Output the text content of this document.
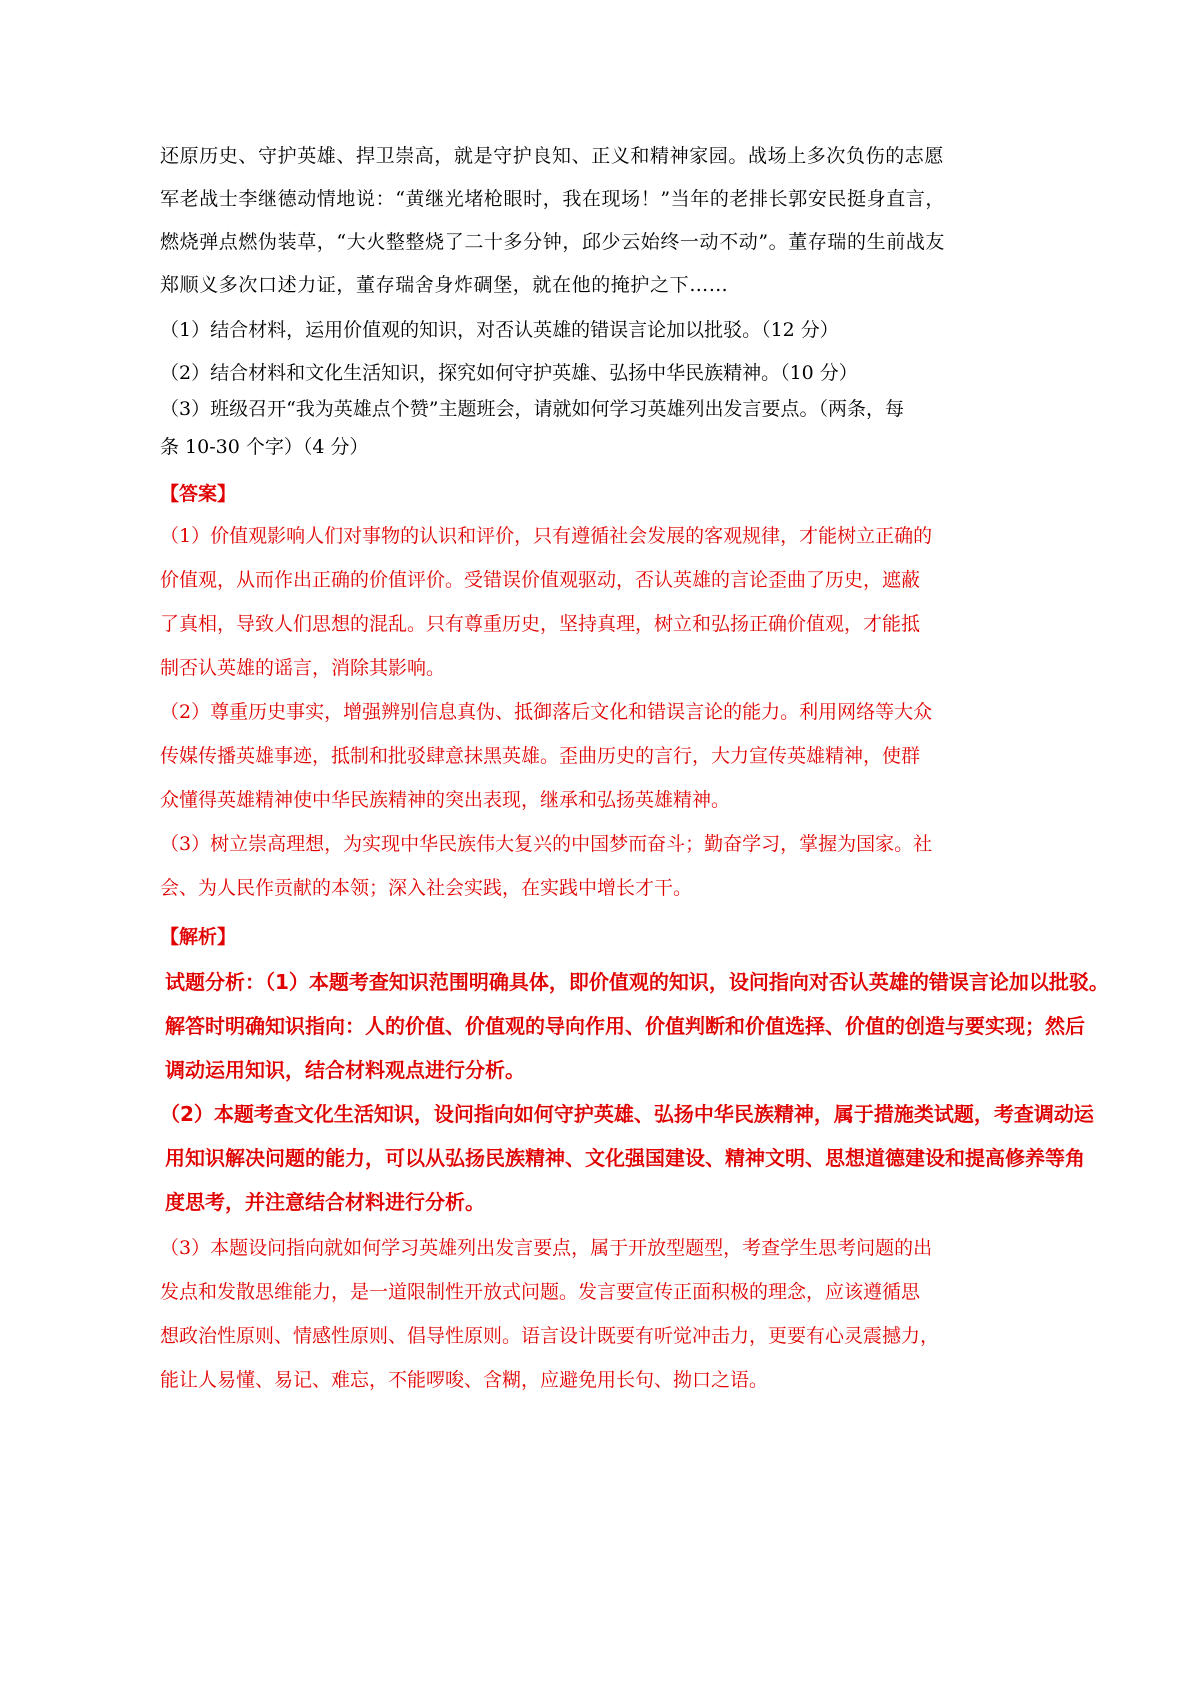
还原历史、守护英雄、捍卫崇高，就是守护良知、正义和精神家园。战场上多次负伤的志愿
军老战士李继德动情地说：“黄继光堵枪眼时，我在现场！”当年的老排长郭安民挺身直言，
燃烧弹点燃伪装草，“大火整整烧了二十多分钟，邱少云始终一动不动”。董存瑞的生前战友
郑顺义多次口述力证，董存瑞舍身炸碉堡，就在他的掩护之下……
（1）结合材料，运用价值观的知识，对否认英雄的错误言论加以批驳。（12 分）
（2）结合材料和文化生活知识，探究如何守护英雄、弘扬中华民族精神。（10 分）
（3）班级召开“我为英雄点个赞”主题班会，请就如何学习英雄列出发言要点。（两条，每
条 10-30 个字）（4 分）
【答案】
（1）价值观影响人们对事物的认识和评价，只有遵循社会发展的客观规律，才能树立正确的
价值观，从而作出正确的价值评价。受错误价值观驱动，否认英雄的言论歪曲了历史，遮蔽
了真相，导致人们思想的混乱。只有尊重历史，坚持真理，树立和弘扬正确价值观，才能抵
制否认英雄的谣言，消除其影响。
（2）尊重历史事实，增强辨别信息真伪、抵御落后文化和错误言论的能力。利用网络等大众
传媒传播英雄事迹，抵制和批驳肆意抹黑英雄。歪曲历史的言行，大力宣传英雄精神，使群
众懂得英雄精神使中华民族精神的突出表现，继承和弘扬英雄精神。
（3）树立崇高理想，为实现中华民族伟大复兴的中国梦而奋斗；勤奋学习，掌握为国家。社
会、为人民作贡献的本领；深入社会实践，在实践中增长才干。
【解析】
试题分析：（1）本题考查知识范围明确具体，即价值观的知识，设问指向对否认英雄的错误言论加以批驳。
解答时明确知识指向：人的价值、价值观的导向作用、价值判断和价值选择、价值的创造与要实现；然后
调动运用知识，结合材料观点进行分析。
（2）本题考查文化生活知识，设问指向如何守护英雄、弘扬中华民族精神，属于措施类试题，考查调动运
用知识解决问题的能力，可以从弘扬民族精神、文化强国建设、精神文明、思想道德建设和提高修养等角
度思考，并注意结合材料进行分析。
（3）本题设问指向就如何学习英雄列出发言要点，属于开放型题型，考查学生思考问题的出
发点和发散思维能力，是一道限制性开放式问题。发言要宣传正面积极的理念，应该遵循思
想政治性原则、情感性原则、倡导性原则。语言设计既要有听觉冲击力，更要有心灵震撼力，
能让人易懂、易记、难忘，不能啰唆、含糊，应避免用长句、拗口之语。
